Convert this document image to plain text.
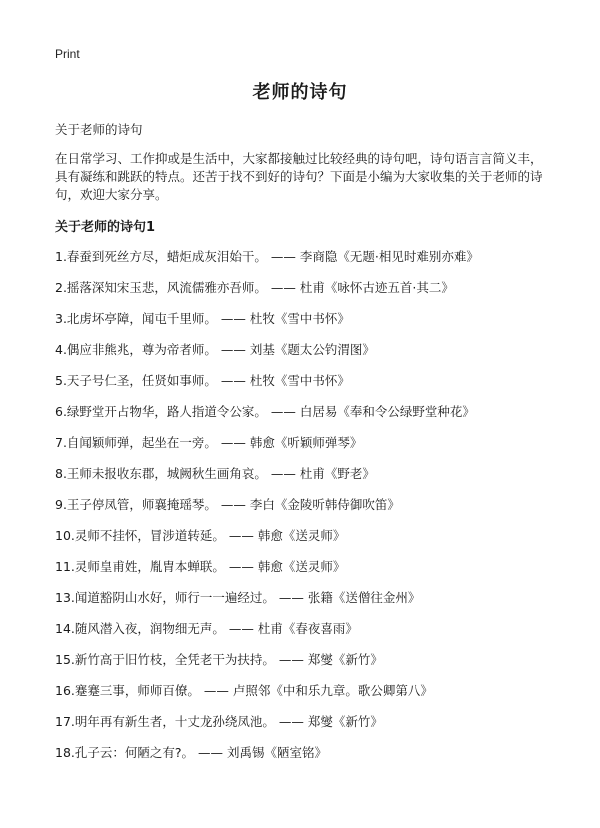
Print
老师的诗句
关于老师的诗句
在日常学习、工作抑或是生活中，大家都接触过比较经典的诗句吧，诗句语言言简义丰，具有凝练和跳跃的特点。还苦于找不到好的诗句？下面是小编为大家收集的关于老师的诗句，欢迎大家分享。
关于老师的诗句1
1.春蚕到死丝方尽，蜡炬成灰泪始干。 —— 李商隐《无题·相见时难别亦难》
2.摇落深知宋玉悲，风流儒雅亦吾师。 —— 杜甫《咏怀古迹五首·其二》
3.北虏坏亭障，闻屯千里师。 —— 杜牧《雪中书怀》
4.偶应非熊兆，尊为帝者师。 —— 刘基《题太公钓渭图》
5.天子号仁圣，任贤如事师。 —— 杜牧《雪中书怀》
6.绿野堂开占物华，路人指道令公家。 —— 白居易《奉和令公绿野堂种花》
7.自闻颖师弹，起坐在一旁。 —— 韩愈《听颖师弹琴》
8.王师未报收东郡，城阙秋生画角哀。 —— 杜甫《野老》
9.王子停凤管，师襄掩瑶琴。 —— 李白《金陵听韩侍御吹笛》
10.灵师不挂怀，冒涉道转延。 —— 韩愈《送灵师》
11.灵师皇甫姓，胤胄本蝉联。 —— 韩愈《送灵师》
13.闻道豁阴山水好，师行一一遍经过。 —— 张籍《送僧往金州》
14.随风潜入夜，润物细无声。 —— 杜甫《春夜喜雨》
15.新竹高于旧竹枝，全凭老干为扶持。 —— 郑燮《新竹》
16.蹇蹇三事，师师百僚。 —— 卢照邻《中和乐九章。歌公卿第八》
17.明年再有新生者，十丈龙孙绕凤池。 —— 郑燮《新竹》
18.孔子云：何陋之有?。 —— 刘禹锡《陋室铭》
